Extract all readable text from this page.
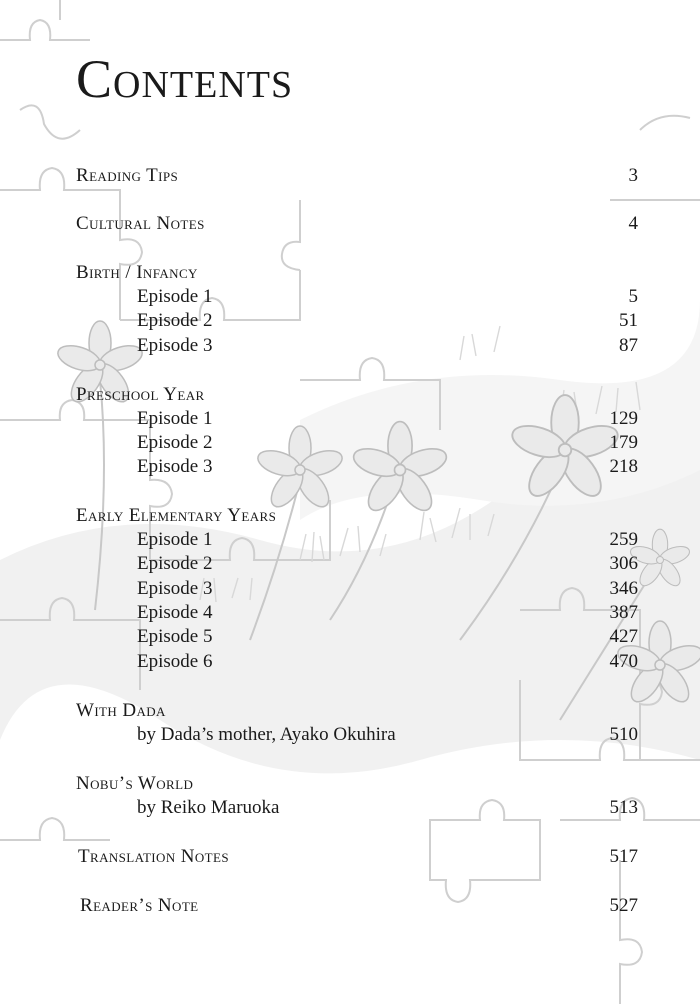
Contents
Reading Tips	3
Cultural Notes	4
Birth / Infancy
Episode 1	5
Episode 2	51
Episode 3	87
Preschool Year
Episode 1	129
Episode 2	179
Episode 3	218
Early Elementary Years
Episode 1	259
Episode 2	306
Episode 3	346
Episode 4	387
Episode 5	427
Episode 6	470
With Dada
by Dada’s mother, Ayako Okuhira	510
Nobu’s World
by Reiko Maruoka	513
Translation Notes	517
Reader’s Note	527
